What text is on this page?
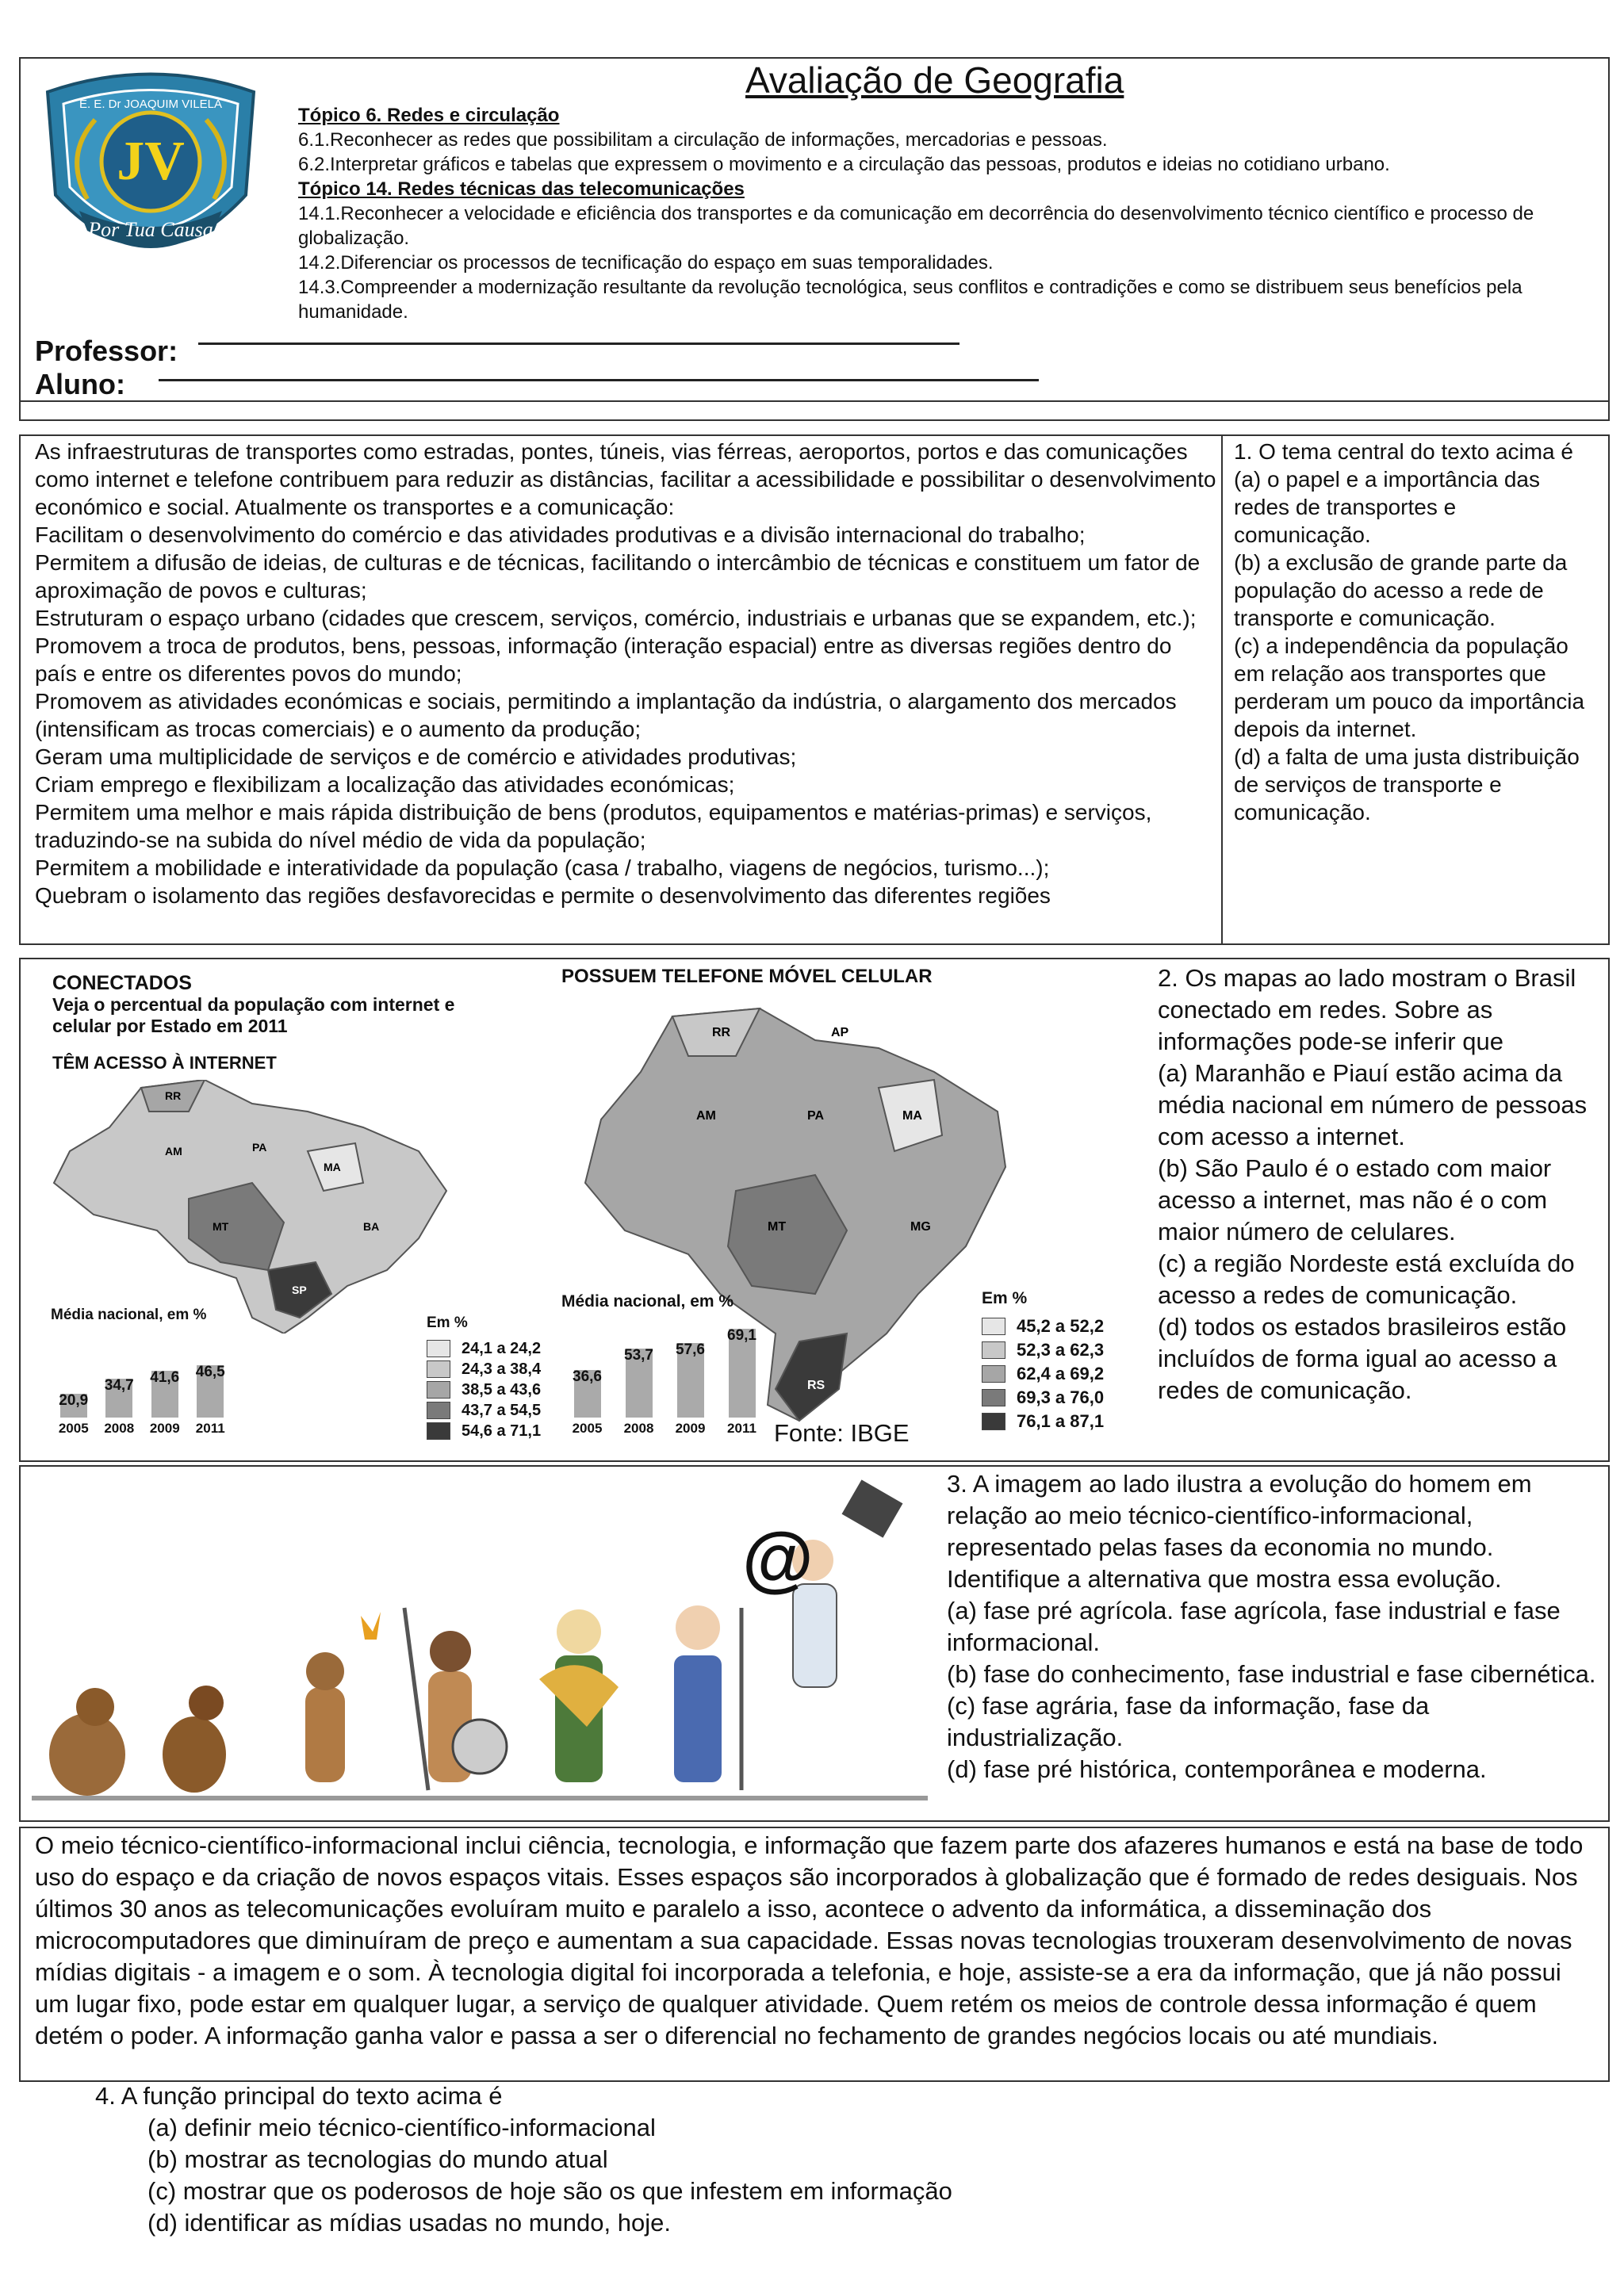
JV
Por Tua Causa
E. E. Dr JOAQUIM VILELA
Boa Esperança - MG
1960
Avaliação de Geografia

Tópico 6. Redes e circulação

6.1.Reconhecer as redes que possibilitam a circulação de informações, mercadorias e pessoas.

6.2.Interpretar gráficos e tabelas que expressem o movimento e a circulação das pessoas, produtos e ideias no cotidiano urbano.

Tópico 14. Redes técnicas das telecomunicações

14.1.Reconhecer a velocidade e eficiência dos transportes e da comunicação em decorrência do desenvolvimento técnico científico e processo de globalização.

14.2.Diferenciar os processos de tecnificação do espaço em suas temporalidades.

14.3.Compreender a modernização resultante da revolução tecnológica, seus conflitos e contradições e como se distribuem seus benefícios pela humanidade.

Professor:
Aluno:

As infraestruturas de transportes como estradas, pontes, túneis, vias férreas, aeroportos, portos e das comunicações como internet e telefone contribuem para reduzir as distâncias, facilitar a acessibilidade e possibilitar o desenvolvimento económico e social. Atualmente os transportes e a comunicação:

Facilitam o desenvolvimento do comércio e das atividades produtivas e a divisão internacional do trabalho;

Permitem a difusão de ideias, de culturas e de técnicas, facilitando o intercâmbio de técnicas e constituem um fator de aproximação de povos e culturas;

Estruturam o espaço urbano (cidades que crescem, serviços, comércio, industriais e urbanas que se expandem, etc.);

Promovem a troca de produtos, bens, pessoas, informação (interação espacial) entre as diversas regiões dentro do país e entre os diferentes povos do mundo;

Promovem as atividades económicas e sociais, permitindo a implantação da indústria, o alargamento dos mercados (intensificam as trocas comerciais) e o aumento da produção;

Geram uma multiplicidade de serviços e de comércio e atividades produtivas;

Criam emprego e flexibilizam a localização das atividades económicas;

Permitem uma melhor e mais rápida distribuição de bens (produtos, equipamentos e matérias-primas) e serviços, traduzindo-se na subida do nível médio de vida da população;

Permitem a mobilidade e interatividade da população (casa / trabalho, viagens de negócios, turismo...);

Quebram o isolamento das regiões desfavorecidas e permite o desenvolvimento das diferentes regiões

1. O tema central do texto acima é

(a) o papel e a importância das redes de transportes e comunicação.

(b) a exclusão de grande parte da população do acesso a rede de transporte e comunicação.

(c) a independência da população em relação aos transportes que perderam um pouco da importância depois da internet.

(d) a falta de uma justa distribuição de serviços de transporte e comunicação.

CONECTADOS
Veja o percentual da população com internet e celular por Estado em 2011
TÊM ACESSO À INTERNET
POSSUEM TELEFONE MÓVEL CELULAR
RR
AM	PA
MA
MT
SP
BA
RR	AP
AM	PA	MA
MT	MG
RS
Média nacional, em %
20,9
2005
34,7
2008
41,6
2009
46,5
2011
Média nacional, em %
36,6
2005
53,7
2008
57,6
2009
69,1
2011
Em %
24,1 a 24,2
24,3 a 38,4
38,5 a 43,6
43,7 a 54,5
54,6 a 71,1
Em %
45,2 a 52,2
52,3 a 62,3
62,4 a 69,2
69,3 a 76,0
76,1 a 87,1
Fonte: IBGE

2. Os mapas ao lado mostram o Brasil conectado em redes. Sobre as informações pode-se inferir que

(a) Maranhão e Piauí estão acima da média nacional em número de pessoas com acesso a internet.

(b) São Paulo é o estado com maior acesso a internet, mas não é o com maior número de celulares.

(c) a região Nordeste está excluída do acesso a redes de comunicação.

(d) todos os estados brasileiros estão incluídos de forma igual ao acesso a redes de comunicação.

@

3. A imagem ao lado ilustra a evolução do homem em relação ao meio técnico-científico-informacional, representado pelas fases da economia no mundo. Identifique a alternativa que mostra essa evolução.

(a) fase pré agrícola. fase agrícola, fase industrial e fase informacional.

(b) fase do conhecimento, fase industrial e fase cibernética.

(c) fase agrária, fase da informação, fase da industrialização.

(d) fase pré histórica, contemporânea e moderna.

O meio técnico-científico-informacional inclui ciência, tecnologia, e informação que fazem parte dos afazeres humanos e está na base de todo uso do espaço e da criação de novos espaços vitais. Esses espaços são incorporados à globalização que é formado de redes desiguais. Nos últimos 30 anos as telecomunicações evoluíram muito e paralelo a isso, acontece o advento da informática, a disseminação dos microcomputadores que diminuíram de preço e aumentam a sua capacidade. Essas novas tecnologias trouxeram desenvolvimento de novas mídias digitais - a imagem e o som. À tecnologia digital foi incorporada a telefonia, e hoje, assiste-se a era da informação, que já não possui um lugar fixo, pode estar em qualquer lugar, a serviço de qualquer atividade. Quem retém os meios de controle dessa informação é quem detém o poder. A informação ganha valor e passa a ser o diferencial no fechamento de grandes negócios locais ou até mundiais.

4. A função principal do texto acima é

(a) definir meio técnico-científico-informacional

(b) mostrar as tecnologias do mundo atual

(c) mostrar que os poderosos de hoje são os que infestem em informação

(d) identificar as mídias usadas no mundo, hoje.
